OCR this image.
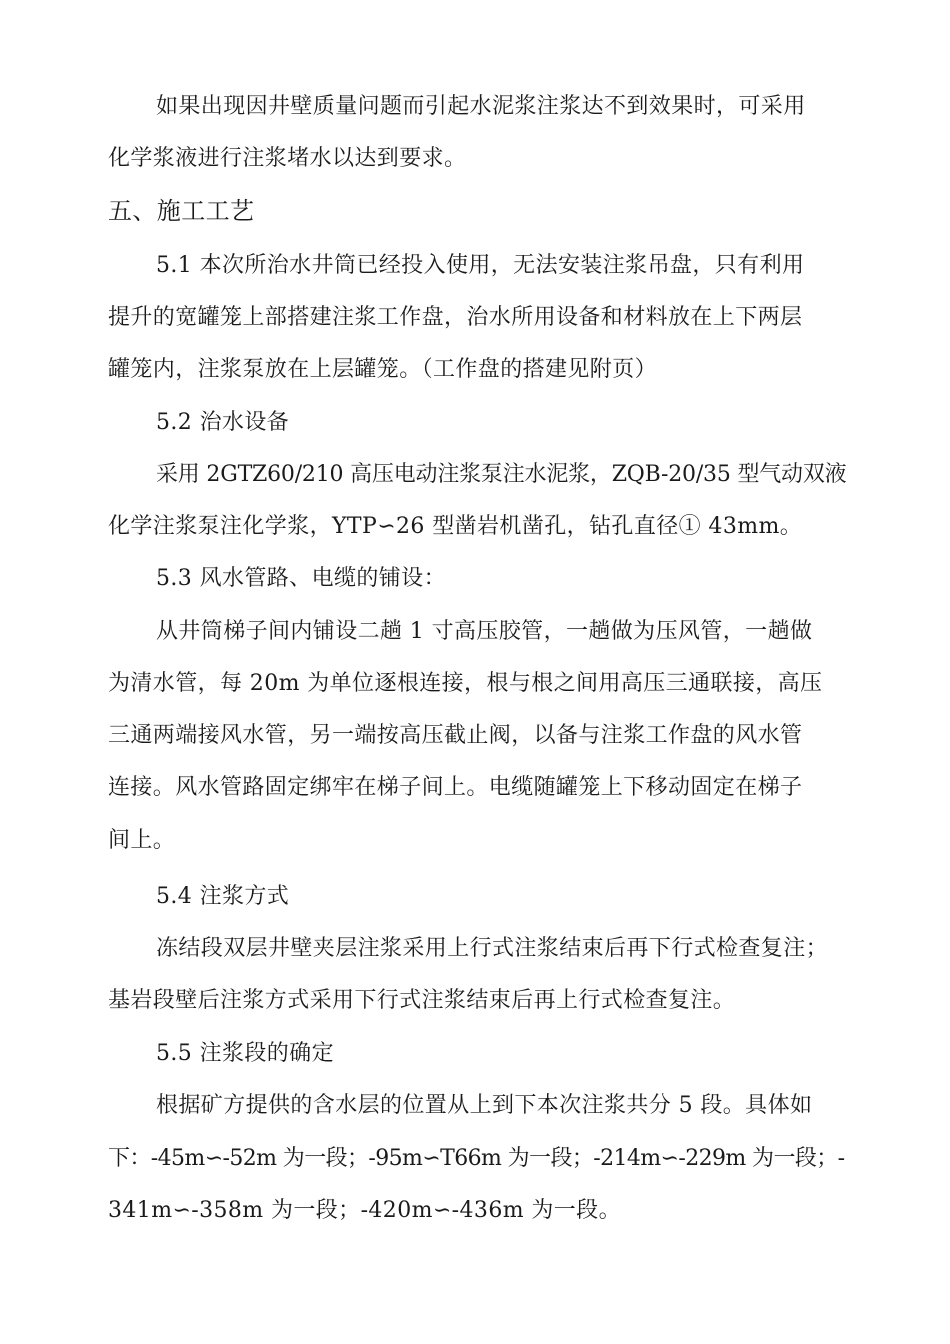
如果出现因井壁质量问题而引起水泥浆注浆达不到效果时，可采用
化学浆液进行注浆堵水以达到要求。
五、施工工艺
5.1 本次所治水井筒已经投入使用，无法安装注浆吊盘，只有利用
提升的宽罐笼上部搭建注浆工作盘，治水所用设备和材料放在上下两层
罐笼内，注浆泵放在上层罐笼。（工作盘的搭建见附页）
5.2 治水设备
采用 2GTZ60/210 高压电动注浆泵注水泥浆，ZQB-20/35 型气动双液
化学注浆泵注化学浆，YTP∽26 型凿岩机凿孔，钻孔直径① 43mm。
5.3 风水管路、电缆的铺设：
从井筒梯子间内铺设二趟 1 寸高压胶管，一趟做为压风管，一趟做
为清水管，每 20m 为单位逐根连接，根与根之间用高压三通联接，高压
三通两端接风水管，另一端按高压截止阀，以备与注浆工作盘的风水管
连接。风水管路固定绑牢在梯子间上。电缆随罐笼上下移动固定在梯子
间上。
5.4 注浆方式
冻结段双层井壁夹层注浆采用上行式注浆结束后再下行式检查复注；
基岩段壁后注浆方式采用下行式注浆结束后再上行式检查复注。
5.5 注浆段的确定
根据矿方提供的含水层的位置从上到下本次注浆共分 5 段。具体如
下：-45m∽-52m 为一段；-95m∽T66m 为一段；-214m∽-229m 为一段；-
341m∽-358m 为一段；-420m∽-436m 为一段。
